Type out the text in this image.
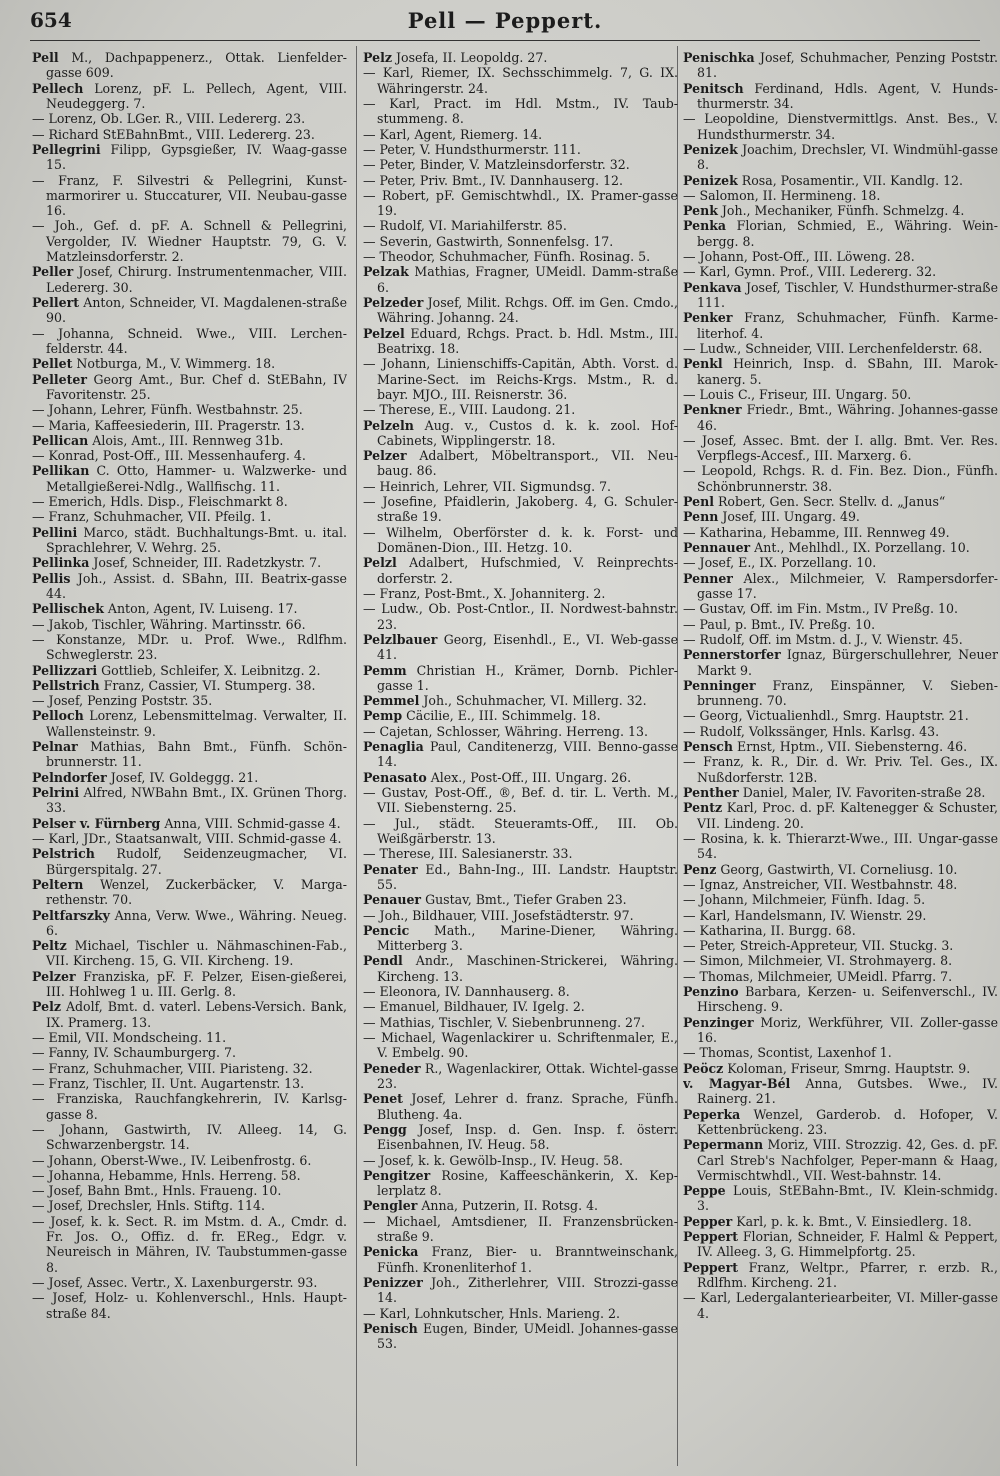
654	Pell — Peppert.
Pell M., Dachpappenerz., Ottak. Lienfelder-gasse 609.
Pellech Lorenz, pF. L. Pellech, Agent, VIII. Neudeggerg. 7.
— Lorenz, Ob. LGer. R., VIII. Ledererg. 23.
— Richard StEBahnBmt., VIII. Ledererg. 23.
Pellegrini Filipp, Gypsgießer, IV. Waag-gasse 15.
— Franz, F. Silvestri & Pellegrini, Kunst-marmorirer u. Stuccaturer, VII. Neubau-gasse 16.
— Joh., Gef. d. pF. A. Schnell & Pellegrini, Vergolder, IV. Wiedner Hauptstr. 79, G. V. Matzleinsdorferstr. 2.
Peller Josef, Chirurg. Instrumentenmacher, VIII. Ledererg. 30.
Pellert Anton, Schneider, VI. Magdalenen-straße 90.
— Johanna, Schneid. Wwe., VIII. Lerchen-felderstr. 44.
Pellet Notburga, M., V. Wimmerg. 18.
Pelleter Georg Amt., Bur. Chef d. StEBahn, IV Favoritenstr. 25.
— Johann, Lehrer, Fünfh. Westbahnstr. 25.
— Maria, Kaffeesiederin, III. Pragerstr. 13.
Pellican Alois, Amt., III. Rennweg 31b.
— Konrad, Post-Off., III. Messenhauferg. 4.
Pellikan C. Otto, Hammer- u. Walzwerke- und Metallgießerei-Ndlg., Wallfischg. 11.
— Emerich, Hdls. Disp., Fleischmarkt 8.
— Franz, Schuhmacher, VII. Pfeilg. 1.
Pellini Marco, städt. Buchhaltungs-Bmt. u. ital. Sprachlehrer, V. Wehrg. 25.
Pellinka Josef, Schneider, III. Radetzkystr. 7.
Pellis Joh., Assist. d. SBahn, III. Beatrix-gasse 44.
Pellischek Anton, Agent, IV. Luiseng. 17.
— Jakob, Tischler, Währing. Martinsstr. 66.
— Konstanze, MDr. u. Prof. Wwe., Rdlfhm. Schweglerstr. 23.
Pellizzari Gottlieb, Schleifer, X. Leibnitzg. 2.
Pellstrich Franz, Cassier, VI. Stumperg. 38.
— Josef, Penzing Poststr. 35.
Pelloch Lorenz, Lebensmittelmag. Verwalter, II. Wallensteinstr. 9.
Pelnar Mathias, Bahn Bmt., Fünfh. Schön-brunnerstr. 11.
Pelndorfer Josef, IV. Goldeggg. 21.
Pelrini Alfred, NWBahn Bmt., IX. Grünen Thorg. 33.
Pelser v. Fürnberg Anna, VIII. Schmid-gasse 4.
— Karl, JDr., Staatsanwalt, VIII. Schmid-gasse 4.
Pelstrich Rudolf, Seidenzeugmacher, VI. Bürgerspitalg. 27.
Peltern Wenzel, Zuckerbäcker, V. Marga-rethenstr. 70.
Peltfarszky Anna, Verw. Wwe., Währing. Neueg. 6.
Peltz Michael, Tischler u. Nähmaschinen-Fab., VII. Kircheng. 15, G. VII. Kircheng. 19.
Pelzer Franziska, pF. F. Pelzer, Eisen-gießerei, III. Hohlweg 1 u. III. Gerlg. 8.
Pelz Adolf, Bmt. d. vaterl. Lebens-Versich. Bank, IX. Pramerg. 13.
— Emil, VII. Mondscheing. 11.
— Fanny, IV. Schaumburgerg. 7.
— Franz, Schuhmacher, VIII. Piaristeng. 32.
— Franz, Tischler, II. Unt. Augartenstr. 13.
— Franziska, Rauchfangkehrerin, IV. Karlsg-gasse 8.
— Johann, Gastwirth, IV. Alleeg. 14, G. Schwarzenbergstr. 14.
— Johann, Oberst-Wwe., IV. Leibenfrostg. 6.
— Johanna, Hebamme, Hnls. Herreng. 58.
— Josef, Bahn Bmt., Hnls. Fraueng. 10.
— Josef, Drechsler, Hnls. Stiftg. 114.
— Josef, k. k. Sect. R. im Mstm. d. A., Cmdr. d. Fr. Jos. O., Offiz. d. fr. EReg., Edgr. v. Neureisch in Mähren, IV. Taubstummen-gasse 8.
— Josef, Assec. Vertr., X. Laxenburgerstr. 93.
— Josef, Holz- u. Kohlenverschl., Hnls. Haupt-straße 84.
Pelz Josefa, II. Leopoldg. 27.
— Karl, Riemer, IX. Sechsschimmelg. 7, G. IX. Währingerstr. 24.
— Karl, Pract. im Hdl. Mstm., IV. Taub-stummeng. 8.
— Karl, Agent, Riemerg. 14.
— Peter, V. Hundsthurmerstr. 111.
— Peter, Binder, V. Matzleinsdorferstr. 32.
— Peter, Priv. Bmt., IV. Dannhauserg. 12.
— Robert, pF. Gemischtwhdl., IX. Pramer-gasse 19.
— Rudolf, VI. Mariahilferstr. 85.
— Severin, Gastwirth, Sonnenfelsg. 17.
— Theodor, Schuhmacher, Fünfh. Rosinag. 5.
Pelzak Mathias, Fragner, UMeidl. Damm-straße 6.
Pelzeder Josef, Milit. Rchgs. Off. im Gen. Cmdo., Währing. Johanng. 24.
Pelzel Eduard, Rchgs. Pract. b. Hdl. Mstm., III. Beatrixg. 18.
— Johann, Linienschiffs-Capitän, Abth. Vorst. d. Marine-Sect. im Reichs-Krgs. Mstm., R. d. bayr. MJO., III. Reisnerstr. 36.
— Therese, E., VIII. Laudong. 21.
Pelzeln Aug. v., Custos d. k. k. zool. Hof-Cabinets, Wipplingerstr. 18.
Pelzer Adalbert, Möbeltransport., VII. Neu-baug. 86.
— Heinrich, Lehrer, VII. Sigmundsg. 7.
— Josefine, Pfaidlerin, Jakoberg. 4, G. Schuler-straße 19.
— Wilhelm, Oberförster d. k. k. Forst- und Domänen-Dion., III. Hetzg. 10.
Pelzl Adalbert, Hufschmied, V. Reinprechts-dorferstr. 2.
— Franz, Post-Bmt., X. Johanniterg. 2.
— Ludw., Ob. Post-Cntlor., II. Nordwest-bahnstr. 23.
Pelzlbauer Georg, Eisenhdl., E., VI. Web-gasse 41.
Pemm Christian H., Krämer, Dornb. Pichler-gasse 1.
Pemmel Joh., Schuhmacher, VI. Millerg. 32.
Pemp Cäcilie, E., III. Schimmelg. 18.
— Cajetan, Schlosser, Währing. Herreng. 13.
Penaglia Paul, Canditenerzg, VIII. Benno-gasse 14.
Penasato Alex., Post-Off., III. Ungarg. 26.
— Gustav, Post-Off., ®, Bef. d. tir. L. Verth. M., VII. Siebensterng. 25.
— Jul., städt. Steueramts-Off., III. Ob. Weißgärberstr. 13.
— Therese, III. Salesianerstr. 33.
Penater Ed., Bahn-Ing., III. Landstr. Hauptstr. 55.
Penauer Gustav, Bmt., Tiefer Graben 23.
— Joh., Bildhauer, VIII. Josefstädterstr. 97.
Pencic Math., Marine-Diener, Währing. Mitterberg 3.
Pendl Andr., Maschinen-Strickerei, Währing. Kircheng. 13.
— Eleonora, IV. Dannhauserg. 8.
— Emanuel, Bildhauer, IV. Igelg. 2.
— Mathias, Tischler, V. Siebenbrunneng. 27.
— Michael, Wagenlackirer u. Schriftenmaler, E., V. Embelg. 90.
Peneder R., Wagenlackirer, Ottak. Wichtel-gasse 23.
Penet Josef, Lehrer d. franz. Sprache, Fünfh. Blutheng. 4a.
Pengg Josef, Insp. d. Gen. Insp. f. österr. Eisenbahnen, IV. Heug. 58.
— Josef, k. k. Gewölb-Insp., IV. Heug. 58.
Pengitzer Rosine, Kaffeeschänkerin, X. Kep-lerplatz 8.
Pengler Anna, Putzerin, II. Rotsg. 4.
— Michael, Amtsdiener, II. Franzensbrücken-straße 9.
Penicka Franz, Bier- u. Branntweinschank, Fünfh. Kronenliterhof 1.
Penizzer Joh., Zitherlehrer, VIII. Strozzi-gasse 14.
— Karl, Lohnkutscher, Hnls. Marieng. 2.
Penisch Eugen, Binder, UMeidl. Johannes-gasse 53.
Penischka Josef, Schuhmacher, Penzing Poststr. 81.
Penitsch Ferdinand, Hdls. Agent, V. Hunds-thurmerstr. 34.
— Leopoldine, Dienstvermittlgs. Anst. Bes., V. Hundsthurmerstr. 34.
Penizek Joachim, Drechsler, VI. Windmühl-gasse 8.
Penizek Rosa, Posamentir., VII. Kandlg. 12.
— Salomon, II. Hermineng. 18.
Penk Joh., Mechaniker, Fünfh. Schmelzg. 4.
Penka Florian, Schmied, E., Währing. Wein-bergg. 8.
— Johann, Post-Off., III. Löweng. 28.
— Karl, Gymn. Prof., VIII. Ledererg. 32.
Penkava Josef, Tischler, V. Hundsthurmer-straße 111.
Penker Franz, Schuhmacher, Fünfh. Karme-literhof. 4.
— Ludw., Schneider, VIII. Lerchenfelderstr. 68.
Penkl Heinrich, Insp. d. SBahn, III. Marok-kanerg. 5.
— Louis C., Friseur, III. Ungarg. 50.
Penkner Friedr., Bmt., Währing. Johannes-gasse 46.
— Josef, Assec. Bmt. der I. allg. Bmt. Ver. Res. Verpflegs-Accesf., III. Marxerg. 6.
— Leopold, Rchgs. R. d. Fin. Bez. Dion., Fünfh. Schönbrunnerstr. 38.
Penl Robert, Gen. Secr. Stellv. d. „Janus“
Penn Josef, III. Ungarg. 49.
— Katharina, Hebamme, III. Rennweg 49.
Pennauer Ant., Mehlhdl., IX. Porzellang. 10.
— Josef, E., IX. Porzellang. 10.
Penner Alex., Milchmeier, V. Rampersdorfer-gasse 17.
— Gustav, Off. im Fin. Mstm., IV Preßg. 10.
— Paul, p. Bmt., IV. Preßg. 10.
— Rudolf, Off. im Mstm. d. J., V. Wienstr. 45.
Pennerstorfer Ignaz, Bürgerschullehrer, Neuer Markt 9.
Penninger Franz, Einspänner, V. Sieben-brunneng. 70.
— Georg, Victualienhdl., Smrg. Hauptstr. 21.
— Rudolf, Volkssänger, Hnls. Karlsg. 43.
Pensch Ernst, Hptm., VII. Siebensterng. 46.
— Franz, k. R., Dir. d. Wr. Priv. Tel. Ges., IX. Nußdorferstr. 12B.
Penther Daniel, Maler, IV. Favoriten-straße 28.
Pentz Karl, Proc. d. pF. Kaltenegger & Schuster, VII. Lindeng. 20.
— Rosina, k. k. Thierarzt-Wwe., III. Ungar-gasse 54.
Penz Georg, Gastwirth, VI. Corneliusg. 10.
— Ignaz, Anstreicher, VII. Westbahnstr. 48.
— Johann, Milchmeier, Fünfh. Idag. 5.
— Karl, Handelsmann, IV. Wienstr. 29.
— Katharina, II. Burgg. 68.
— Peter, Streich-Appreteur, VII. Stuckg. 3.
— Simon, Milchmeier, VI. Strohmayerg. 8.
— Thomas, Milchmeier, UMeidl. Pfarrg. 7.
Penzino Barbara, Kerzen- u. Seifenverschl., IV. Hirscheng. 9.
Penzinger Moriz, Werkführer, VII. Zoller-gasse 16.
— Thomas, Scontist, Laxenhof 1.
Peöcz Koloman, Friseur, Smrng. Hauptstr. 9.
v. Magyar-Bél Anna, Gutsbes. Wwe., IV. Rainerg. 21.
Peperka Wenzel, Garderob. d. Hofoper, V. Kettenbrückeng. 23.
Pepermann Moriz, VIII. Strozzig. 42, Ges. d. pF. Carl Streb's Nachfolger, Peper-mann & Haag, Vermischtwhdl., VII. West-bahnstr. 14.
Peppe Louis, StEBahn-Bmt., IV. Klein-schmidg. 3.
Pepper Karl, p. k. k. Bmt., V. Einsiedlerg. 18.
Peppert Florian, Schneider, F. Halml & Peppert, IV. Alleeg. 3, G. Himmelpfortg. 25.
Peppert Franz, Weltpr., Pfarrer, r. erzb. R., Rdlfhm. Kircheng. 21.
— Karl, Ledergalanteriearbeiter, VI. Miller-gasse 4.
